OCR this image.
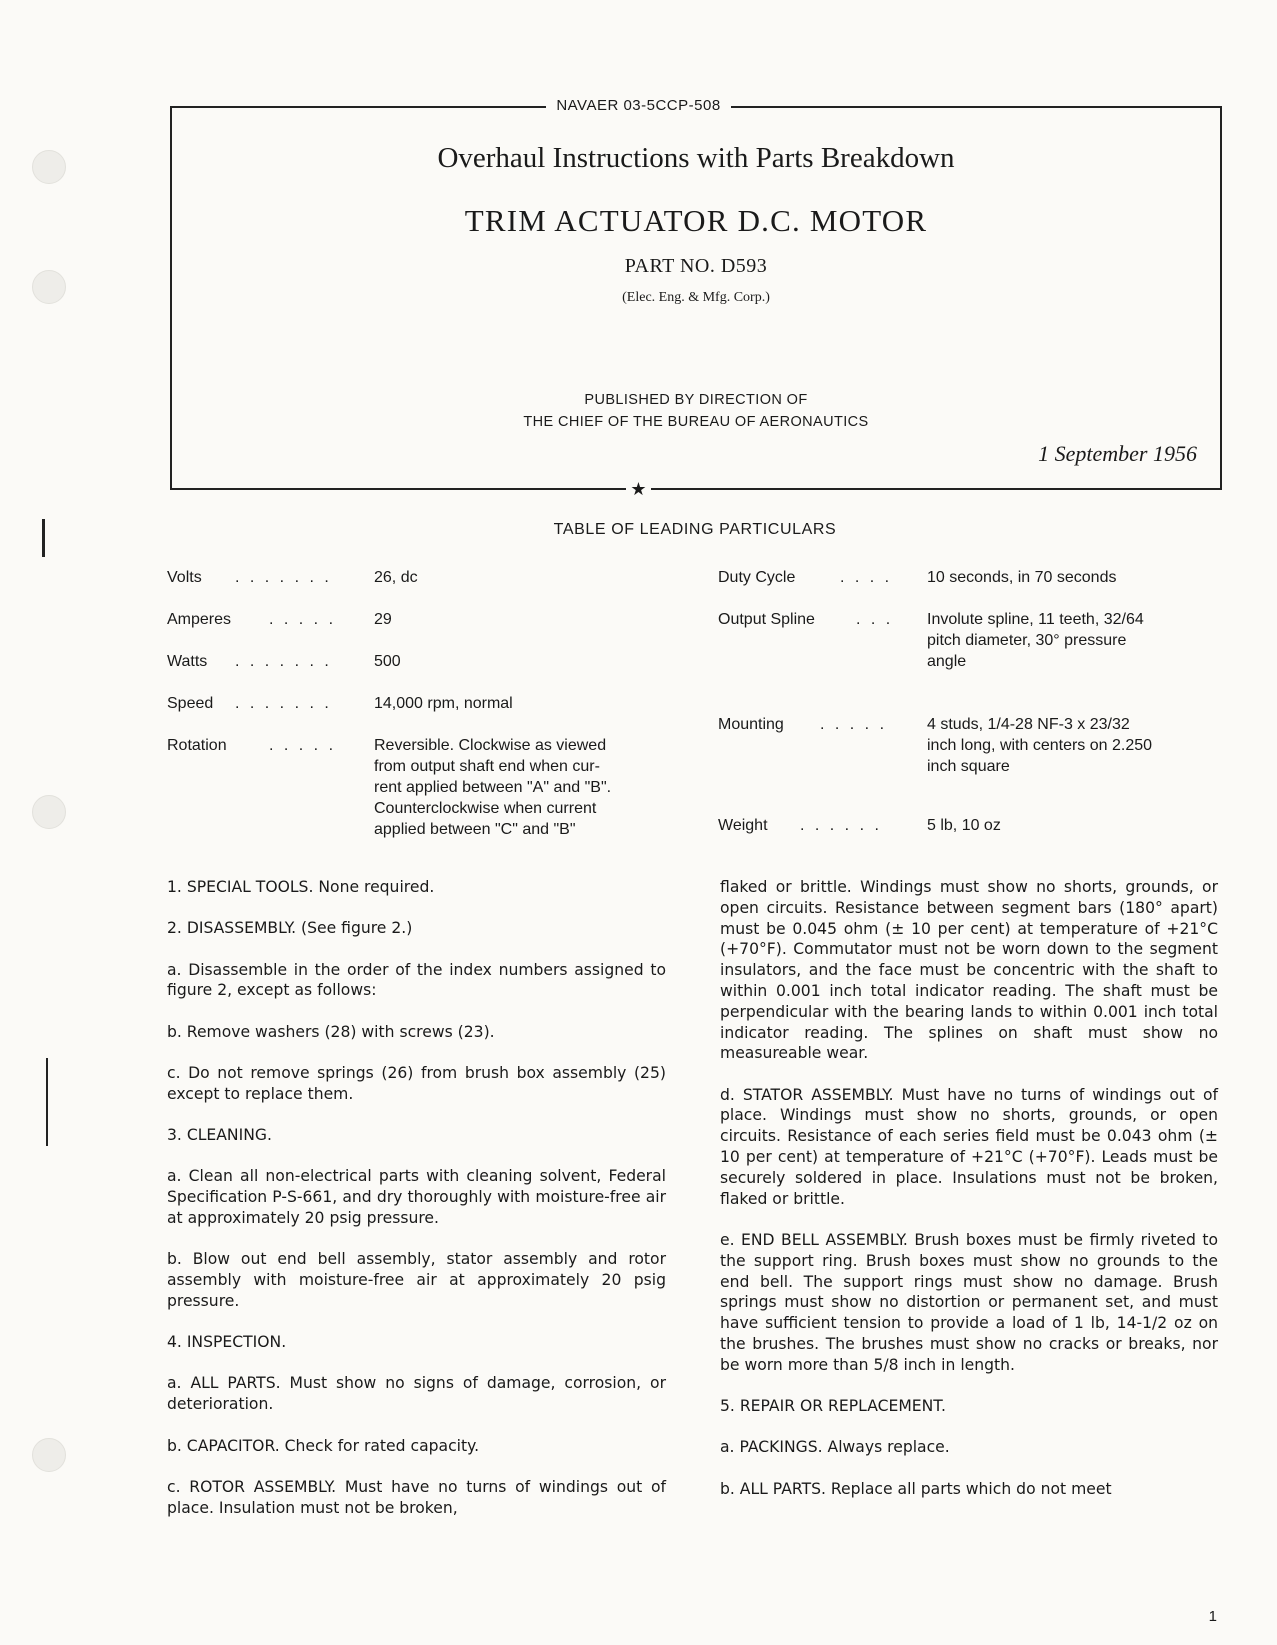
NAVAER 03-5CCP-508
★
Overhaul Instructions with Parts Breakdown
TRIM ACTUATOR D.C. MOTOR
PART NO. D593
(Elec. Eng. & Mfg. Corp.)
PUBLISHED BY DIRECTION OF
THE CHIEF OF THE BUREAU OF AERONAUTICS
1 September 1956
TABLE OF LEADING PARTICULARS
Volts . . . . . . .	26, dc
Amperes . . . . . 29
Watts . . . . . . .	500
Speed . . . . . . .	14,000 rpm, normal
Rotation	. . . . . Reversible. Clockwise as viewed
from output shaft end when cur-
rent applied between "A" and "B".
Counterclockwise when current
applied between "C" and "B"
Duty Cycle	. . . . 10 seconds, in 70 seconds
Output Spline	. . . Involute spline, 11 teeth, 32/64
pitch diameter, 30° pressure
angle
Mounting . . . . . 4 studs, 1/4-28 NF-3 x 23/32
inch long, with centers on 2.250
inch square
Weight . . . . . .	5 lb, 10 oz

1. SPECIAL TOOLS. None required.

2. DISASSEMBLY. (See figure 2.)

a. Disassemble in the order of the index numbers assigned to figure 2, except as follows:

b. Remove washers (28) with screws (23).

c. Do not remove springs (26) from brush box assembly (25) except to replace them.

3. CLEANING.

a. Clean all non-electrical parts with cleaning solvent, Federal Specification P-S-661, and dry thoroughly with moisture-free air at approximately 20 psig pressure.

b. Blow out end bell assembly, stator assembly and rotor assembly with moisture-free air at approximately 20 psig pressure.

4. INSPECTION.

a. ALL PARTS. Must show no signs of damage, corrosion, or deterioration.

b. CAPACITOR. Check for rated capacity.

c. ROTOR ASSEMBLY. Must have no turns of windings out of place. Insulation must not be broken,

flaked or brittle. Windings must show no shorts, grounds, or open circuits. Resistance between segment bars (180° apart) must be 0.045 ohm (± 10 per cent) at temperature of +21°C (+70°F). Commutator must not be worn down to the segment insulators, and the face must be concentric with the shaft to within 0.001 inch total indicator reading. The shaft must be perpendicular with the bearing lands to within 0.001 inch total indicator reading. The splines on shaft must show no measureable wear.

d. STATOR ASSEMBLY. Must have no turns of windings out of place. Windings must show no shorts, grounds, or open circuits. Resistance of each series field must be 0.043 ohm (± 10 per cent) at temperature of +21°C (+70°F). Leads must be securely soldered in place. Insulations must not be broken, flaked or brittle.

e. END BELL ASSEMBLY. Brush boxes must be firmly riveted to the support ring. Brush boxes must show no grounds to the end bell. The support rings must show no damage. Brush springs must show no distortion or permanent set, and must have sufficient tension to provide a load of 1 lb, 14-1/2 oz on the brushes. The brushes must show no cracks or breaks, nor be worn more than 5/8 inch in length.

5. REPAIR OR REPLACEMENT.

a. PACKINGS. Always replace.

b. ALL PARTS. Replace all parts which do not meet

1
